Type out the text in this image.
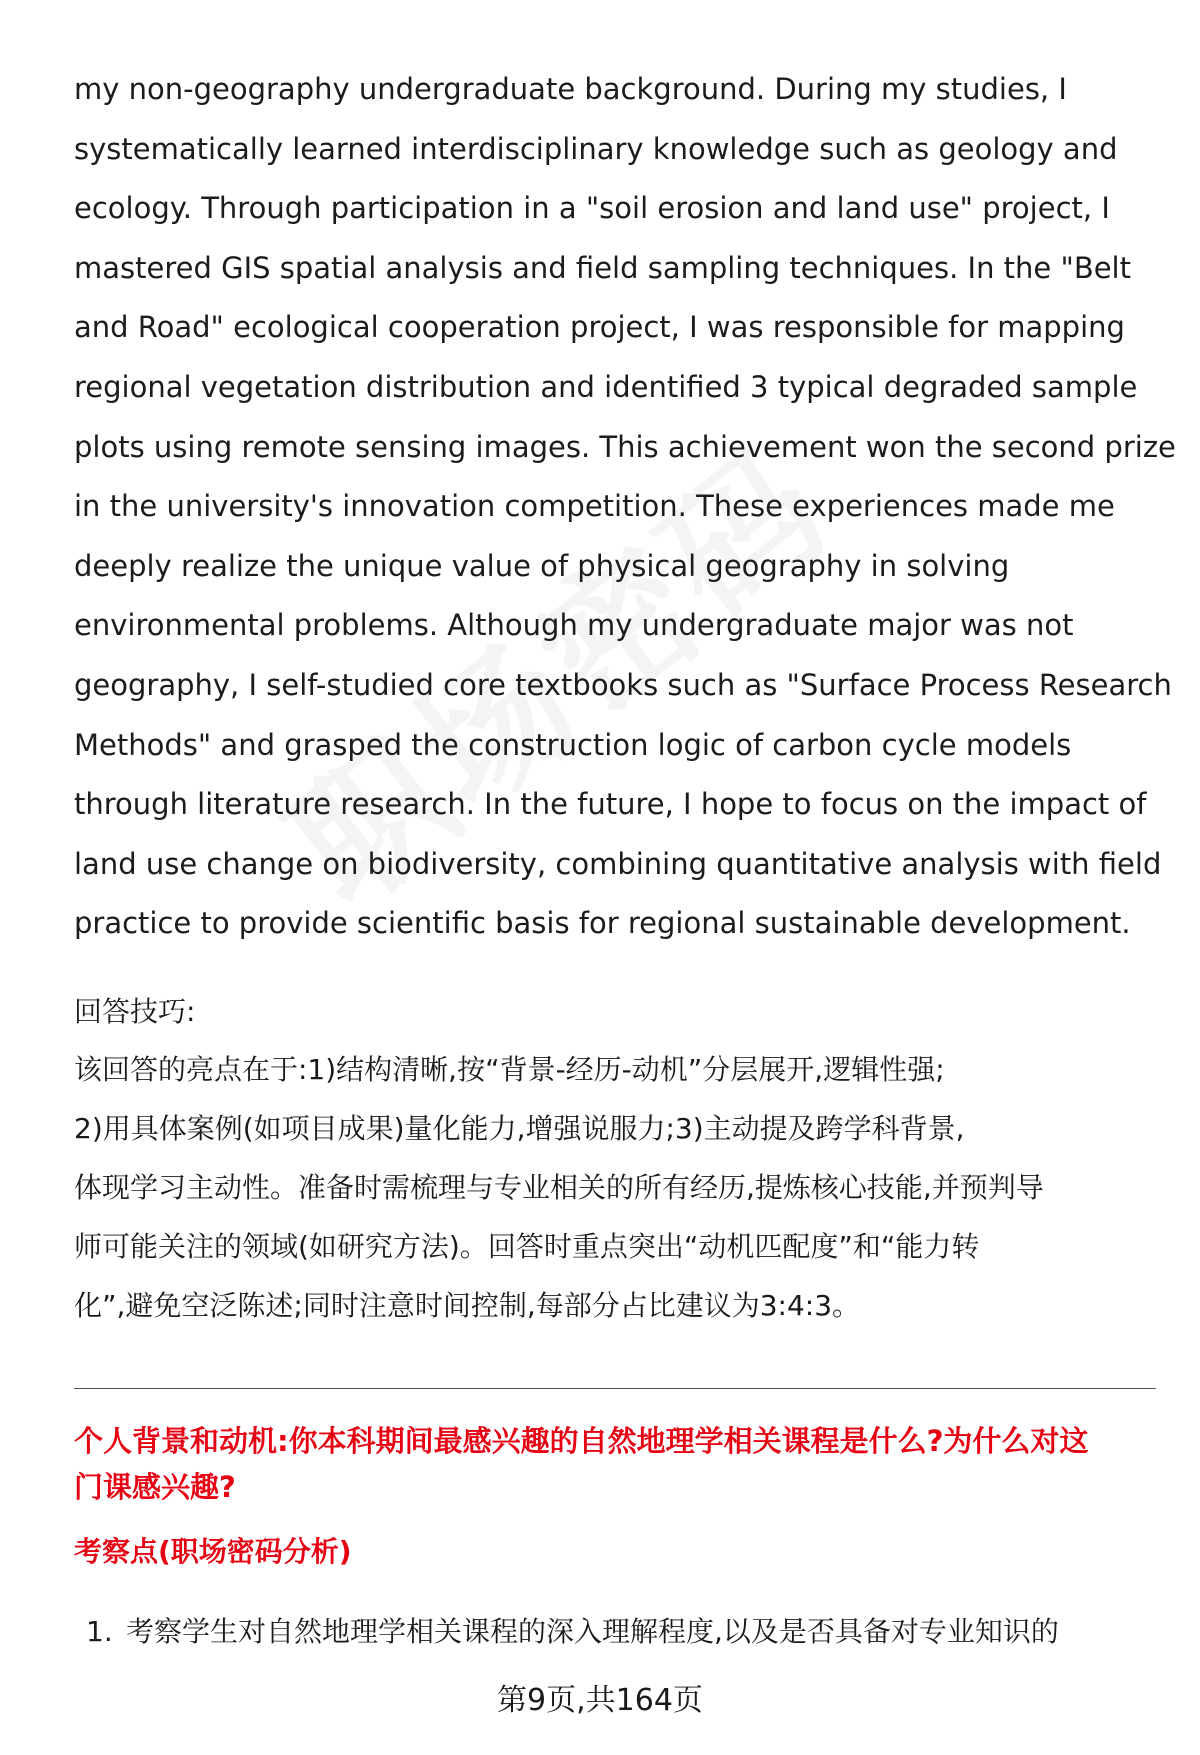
my non-geography undergraduate background. During my studies, I
systematically learned interdisciplinary knowledge such as geology and
ecology. Through participation in a "soil erosion and land use" project, I
mastered GIS spatial analysis and field sampling techniques. In the "Belt
and Road" ecological cooperation project, I was responsible for mapping
regional vegetation distribution and identified 3 typical degraded sample
plots using remote sensing images. This achievement won the second prize
in the university's innovation competition. These experiences made me
deeply realize the unique value of physical geography in solving
environmental problems. Although my undergraduate major was not
geography, I self-studied core textbooks such as "Surface Process Research
Methods" and grasped the construction logic of carbon cycle models
through literature research. In the future, I hope to focus on the impact of
land use change on biodiversity, combining quantitative analysis with field
practice to provide scientific basis for regional sustainable development.

回答技巧:

该回答的亮点在于:1)结构清晰,按“背景-经历-动机”分层展开,逻辑性强;
2)用具体案例(如项目成果)量化能力,增强说服力;3)主动提及跨学科背景,
体现学习主动性。准备时需梳理与专业相关的所有经历,提炼核心技能,并预判导
师可能关注的领域(如研究方法)。回答时重点突出“动机匹配度”和“能力转
化”,避免空泛陈述;同时注意时间控制,每部分占比建议为3:4:3。

个人背景和动机:你本科期间最感兴趣的自然地理学相关课程是什么?为什么对这
门课感兴趣?
考察点(职场密码分析)

1. 考察学生对自然地理学相关课程的深入理解程度,以及是否具备对专业知识的

第9页,共164页
